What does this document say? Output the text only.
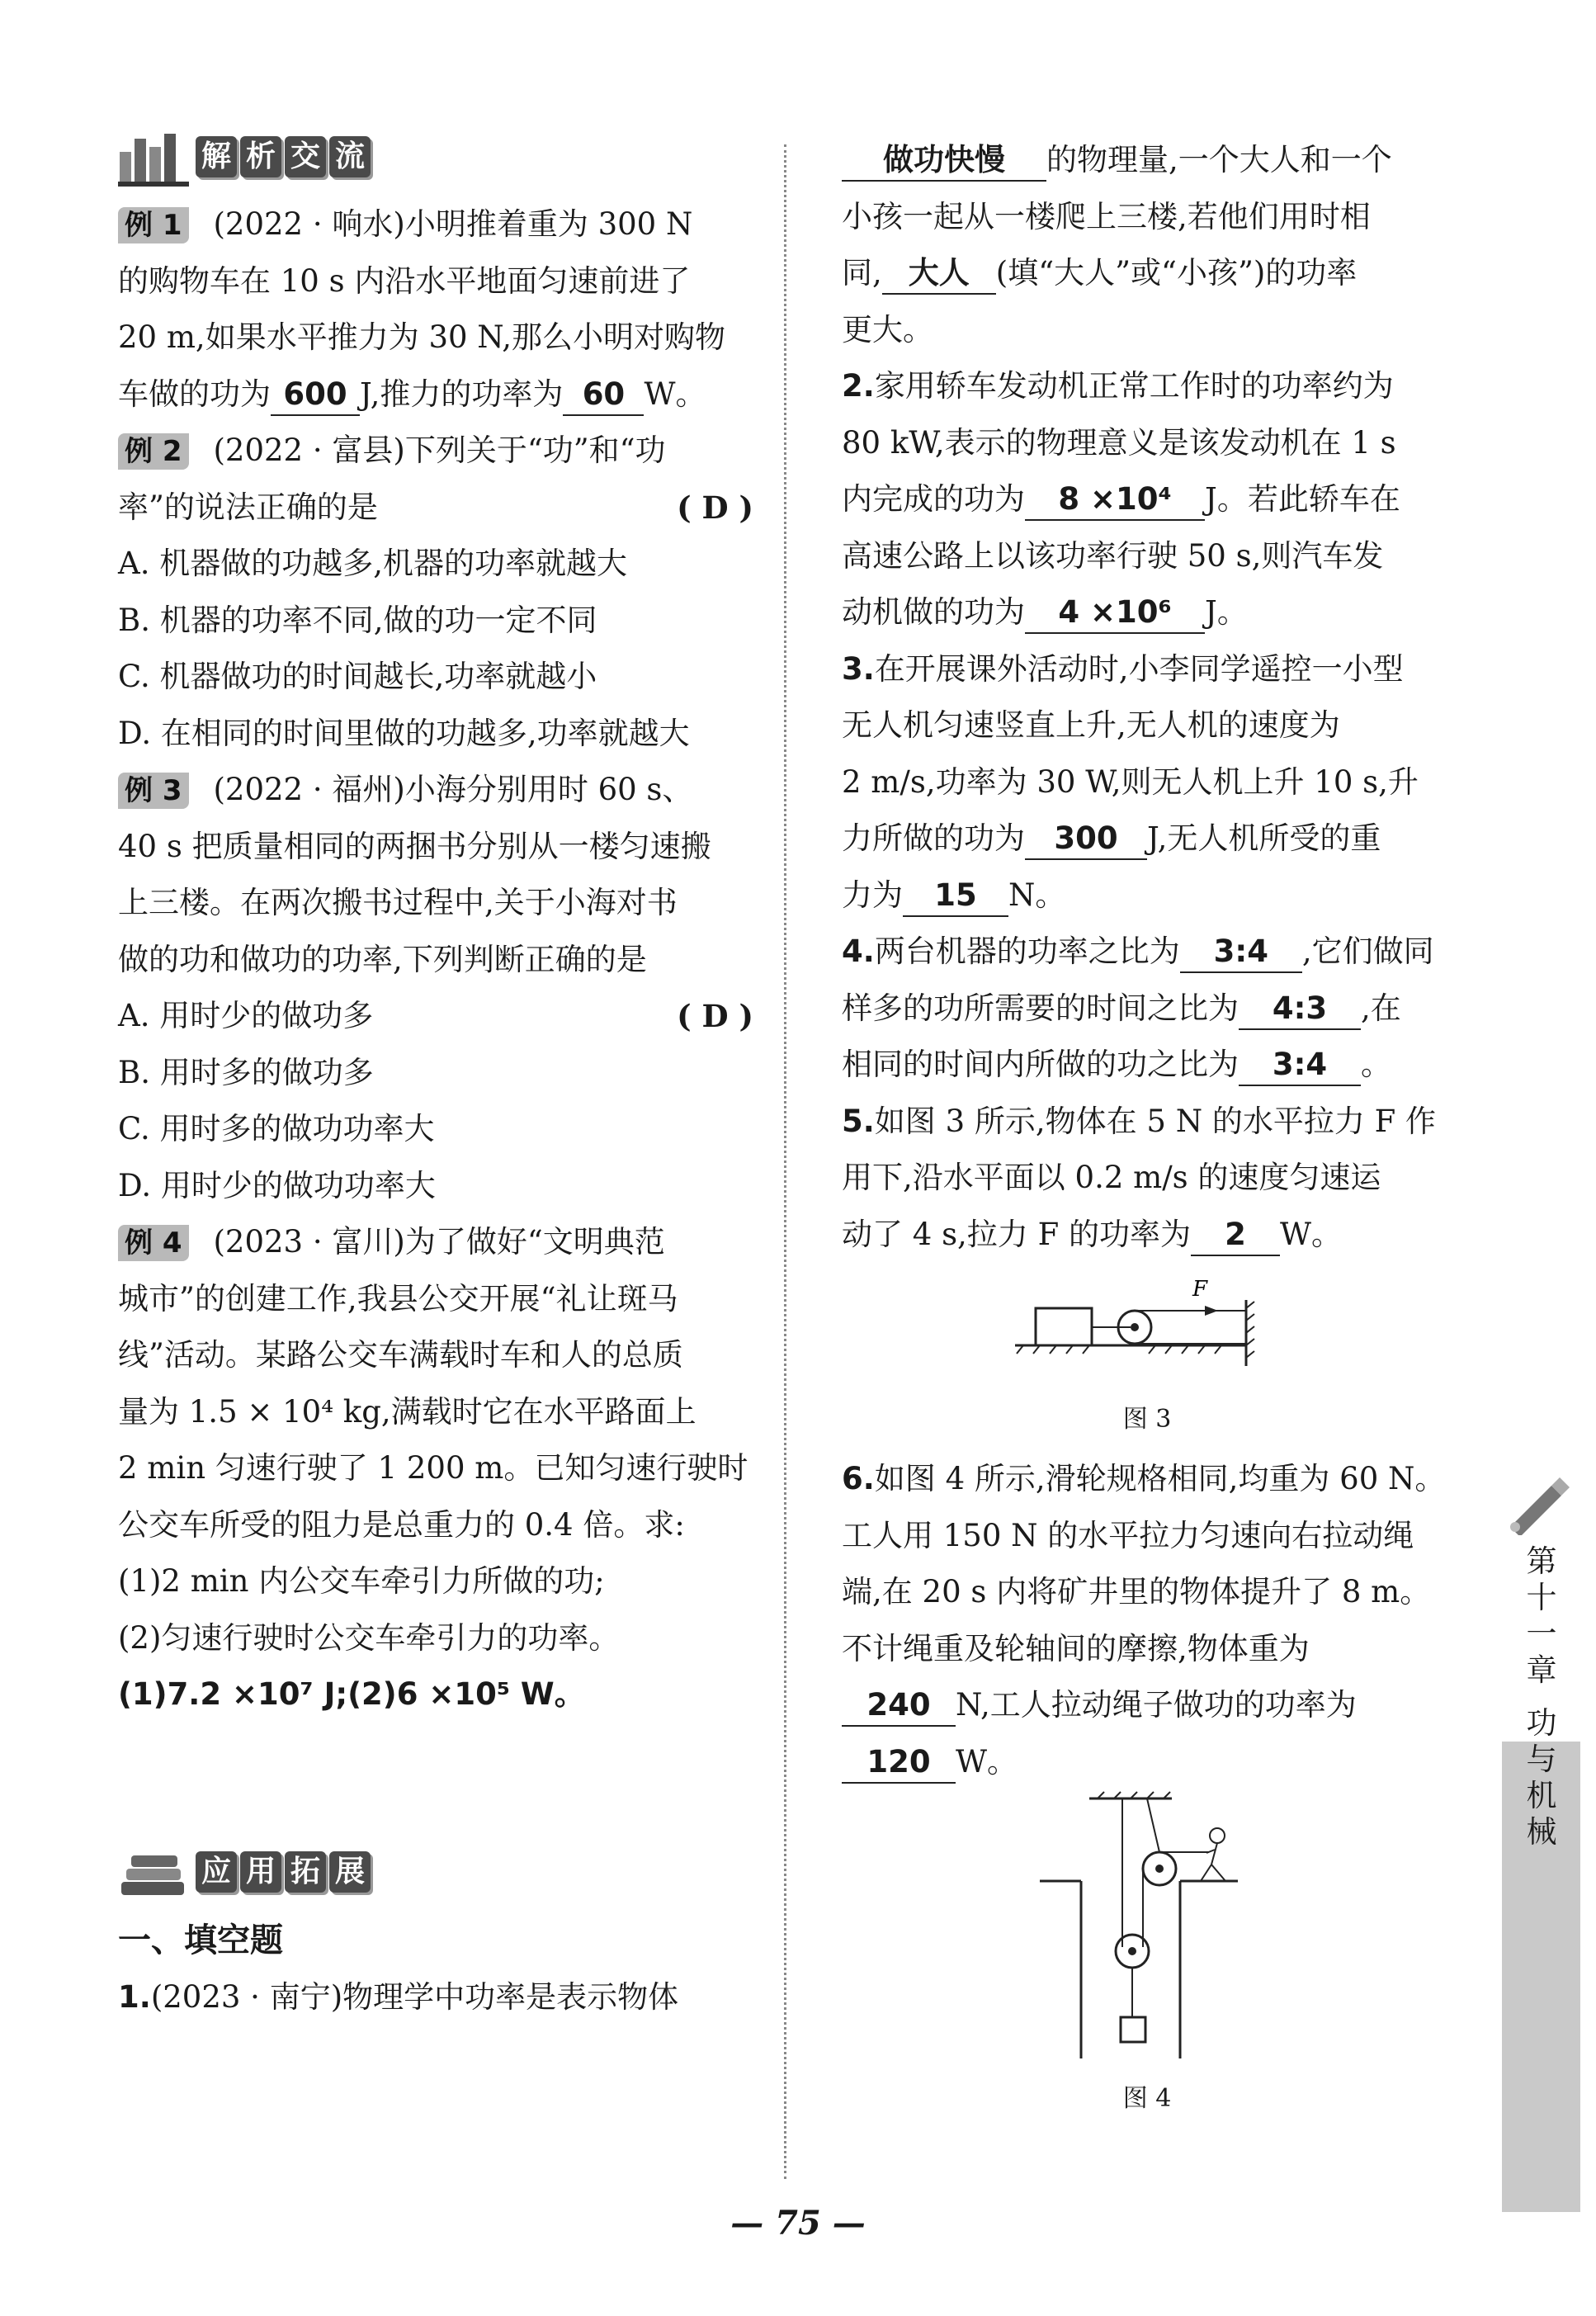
解 析 交 流
例 1 (2022 · 响水)小明推着重为 300 N
的购物车在 10 s 内沿水平地面匀速前进了
20 m,如果水平推力为 30 N,那么小明对购物
车做的功为 600 J,推力的功率为 60 W。
例 2 (2022 · 富县)下列关于“功”和“功
率”的说法正确的是	( D )
A. 机器做的功越多,机器的功率就越大
B. 机器的功率不同,做的功一定不同
C. 机器做功的时间越长,功率就越小
D. 在相同的时间里做的功越多,功率就越大
例 3 (2022 · 福州)小海分别用时 60 s、
40 s 把质量相同的两捆书分别从一楼匀速搬
上三楼。在两次搬书过程中,关于小海对书
做的功和做功的功率,下列判断正确的是
( D )
A. 用时少的做功多
B. 用时多的做功多
C. 用时多的做功功率大
D. 用时少的做功功率大
例 4 (2023 · 富川)为了做好“文明典范
城市”的创建工作,我县公交开展“礼让斑马
线”活动。某路公交车满载时车和人的总质
量为 1.5 × 10⁴ kg,满载时它在水平路面上
2 min 匀速行驶了 1 200 m。已知匀速行驶时
公交车所受的阻力是总重力的 0.4 倍。求:
(1)2 min 内公交车牵引力所做的功;
(2)匀速行驶时公交车牵引力的功率。
(1)7.2 ×10⁷ J;(2)6 ×10⁵ W。
应 用 拓 展
一、填空题
1.(2023 · 南宁)物理学中功率是表示物体
做功快慢 的物理量,一个大人和一个
小孩一起从一楼爬上三楼,若他们用时相
同, 大人 (填“大人”或“小孩”)的功率
更大。
2.家用轿车发动机正常工作时的功率约为
80 kW,表示的物理意义是该发动机在 1 s
内完成的功为 8 ×10⁴ J。若此轿车在
高速公路上以该功率行驶 50 s,则汽车发
动机做的功为 4 ×10⁶ J。
3.在开展课外活动时,小李同学遥控一小型
无人机匀速竖直上升,无人机的速度为
2 m/s,功率为 30 W,则无人机上升 10 s,升
力所做的功为 300 J,无人机所受的重
力为 15 N。
4.两台机器的功率之比为 3:4 ,它们做同
样多的功所需要的时间之比为 4:3 ,在
相同的时间内所做的功之比为 3:4 。
5.如图 3 所示,物体在 5 N 的水平拉力 F 作
用下,沿水平面以 0.2 m/s 的速度匀速运
动了 4 s,拉力 F 的功率为 2 W。
F
图 3
6.如图 4 所示,滑轮规格相同,均重为 60 N。
工人用 150 N 的水平拉力匀速向右拉动绳
端,在 20 s 内将矿井里的物体提升了 8 m。
不计绳重及轮轴间的摩擦,物体重为
240 N,工人拉动绳子做功的功率为
120 W。
图 4
第
十
一
章
功
与
机
械
— 75 —
